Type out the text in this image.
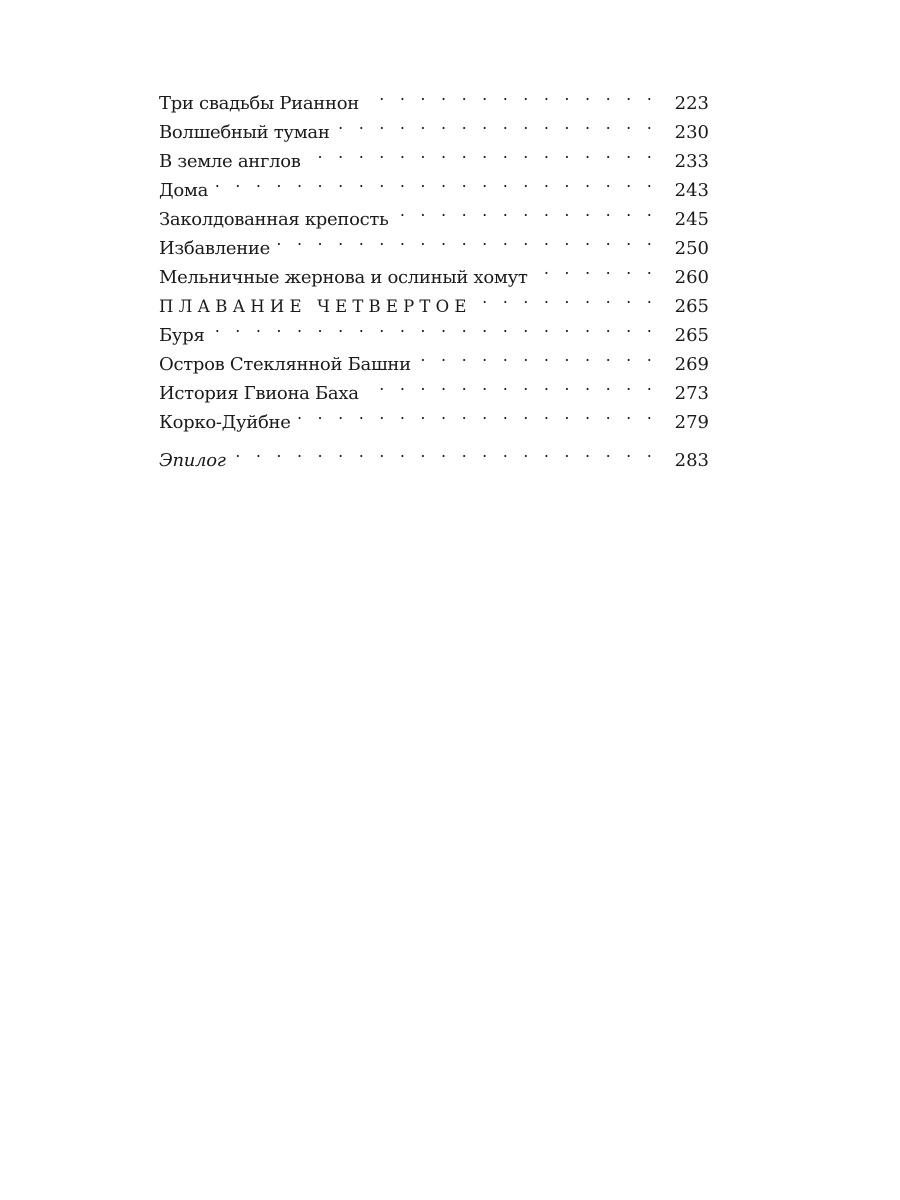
Три свадьбы Рианнон . . .	223
Волшебный туман . . .	230
В земле англов . . .	233
Дома . . .	243
Заколдованная крепость . . .	245
Избавление . . .	250
Мельничные жернова и ослиный хомут . . .	260
ПЛАВАНИЕ ЧЕТВЕРТОЕ . . .	265
Буря . . .	265
Остров Стеклянной Башни . . .	269
История Гвиона Баха . . .	273
Корко-Дуйбне . . .	279
Эпилог . . .	283
